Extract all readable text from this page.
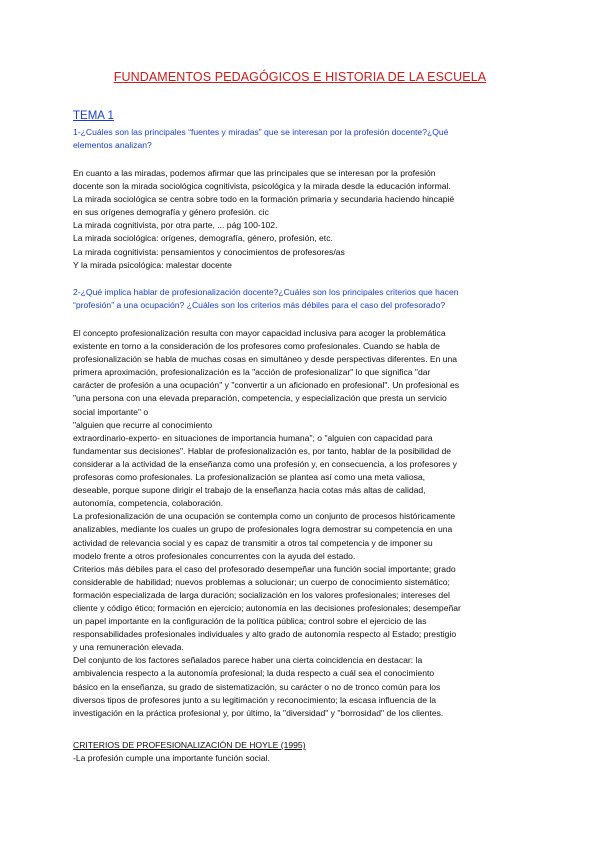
FUNDAMENTOS PEDAGÓGICOS E HISTORIA DE LA ESCUELA
TEMA 1
1-¿Cuáles son las principales “fuentes y miradas” que se interesan por la profesión docente?¿Qué
elementos analizan?
En cuanto a las miradas, podemos afirmar que las principales que se interesan por la profesión
docente son la mirada sociológica cognitivista, psicológica y la mirada desde la educación informal.
La mirada sociológica se centra sobre todo en la formación primaria y secundaria haciendo hincapié
en sus orígenes demografía y género profesión. cic
La mirada cognitivista, por otra parte, ... pág 100-102.
La mirada sociológica: orígenes, demografía, género, profesión, etc.
La mirada cognitivista: pensamientos y conocimientos de profesores/as
Y la mirada psicológica: malestar docente
2-¿Qué implica hablar de profesionalización docente?¿Cuáles son los principales criterios que hacen
“profesión” a una ocupación? ¿Cuáles son los criterios más débiles para el caso del profesorado?
El concepto profesionalización resulta con mayor capacidad inclusiva para acoger la problemática
existente en torno a la consideración de los profesores como profesionales. Cuando se habla de
profesionalización se habla de muchas cosas en simultáneo y desde perspectivas diferentes. En una
primera aproximación, profesionalización es la "acción de profesionalizar" lo que significa "dar
carácter de profesión a una ocupación" y "convertir a un aficionado en profesional". Un profesional es
"una persona con una elevada preparación, competencia, y especialización que presta un servicio
social importante" o
"alguien que recurre al conocimiento
extraordinario-experto- en situaciones de importancia humana"; o "alguien con capacidad para
fundamentar sus decisiones". Hablar de profesionalización es, por tanto, hablar de la posibilidad de
considerar a la actividad de la enseñanza como una profesión y, en consecuencia, a los profesores y
profesoras como profesionales. La profesionalización se plantea así como una meta valiosa,
deseable, porque supone dirigir el trabajo de la enseñanza hacia cotas más altas de calidad,
autonomía, competencia, colaboración.
La profesionalización de una ocupación se contempla como un conjunto de procesos históricamente
analizables, mediante los cuales un grupo de profesionales logra demostrar su competencia en una
actividad de relevancia social y es capaz de transmitir a otros tal competencia y de imponer su
modelo frente a otros profesionales concurrentes con la ayuda del estado.
Criterios más débiles para el caso del profesorado desempeñar una función social importante; grado
considerable de habilidad; nuevos problemas a solucionar; un cuerpo de conocimiento sistemático;
formación especializada de larga duración; socialización en los valores profesionales; intereses del
cliente y código ético; formación en ejercicio; autonomía en las decisiones profesionales; desempeñar
un papel importante en la configuración de la política pública; control sobre el ejercicio de las
responsabilidades profesionales individuales y alto grado de autonomía respecto al Estado; prestigio
y una remuneración elevada.
Del conjunto de los factores señalados parece haber una cierta coincidencia en destacar: la
ambivalencia respecto a la autonomía profesional; la duda respecto a cuál sea el conocimiento
básico en la enseñanza, su grado de sistematización, su carácter o no de tronco común para los
diversos tipos de profesores junto a su legitimación y reconocimiento; la escasa influencia de la
investigación en la práctica profesional y, por último, la "diversidad" y "borrosidad" de los clientes.
CRITERIOS DE PROFESIONALIZACIÓN DE HOYLE (1995)
-La profesión cumple una importante función social.
